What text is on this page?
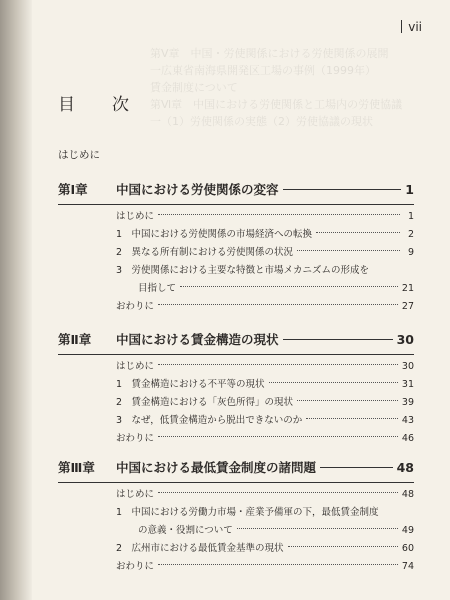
第Ⅴ章　中国・労使関係における労使関係の展開
一広東省南海県開発区工場の事例（1999年）
賃金制度について
第Ⅵ章　中国における労使関係と工場内の労使協議
一（1）労使関係の実態（2）労使協議の現状
vii
目　次
はじめに
第Ⅰ章	中国における労使関係の変容	1
はじめに	1
1　中国における労使関係の市場経済への転換	2
2　異なる所有制における労使関係の状況	9
3　労使関係における主要な特徴と市場メカニズムの形成を
目指して	21
おわりに	27
第Ⅱ章	中国における賃金構造の現状	30
はじめに	30
1　賃金構造における不平等の現状	31
2　賃金構造における「灰色所得」の現状	39
3　なぜ，低賃金構造から脱出できないのか	43
おわりに	46
第Ⅲ章	中国における最低賃金制度の諸問題	48
はじめに	48
1　中国における労働力市場・産業予備軍の下，最低賃金制度
の意義・役割について	49
2　広州市における最低賃金基準の現状	60
おわりに	74
